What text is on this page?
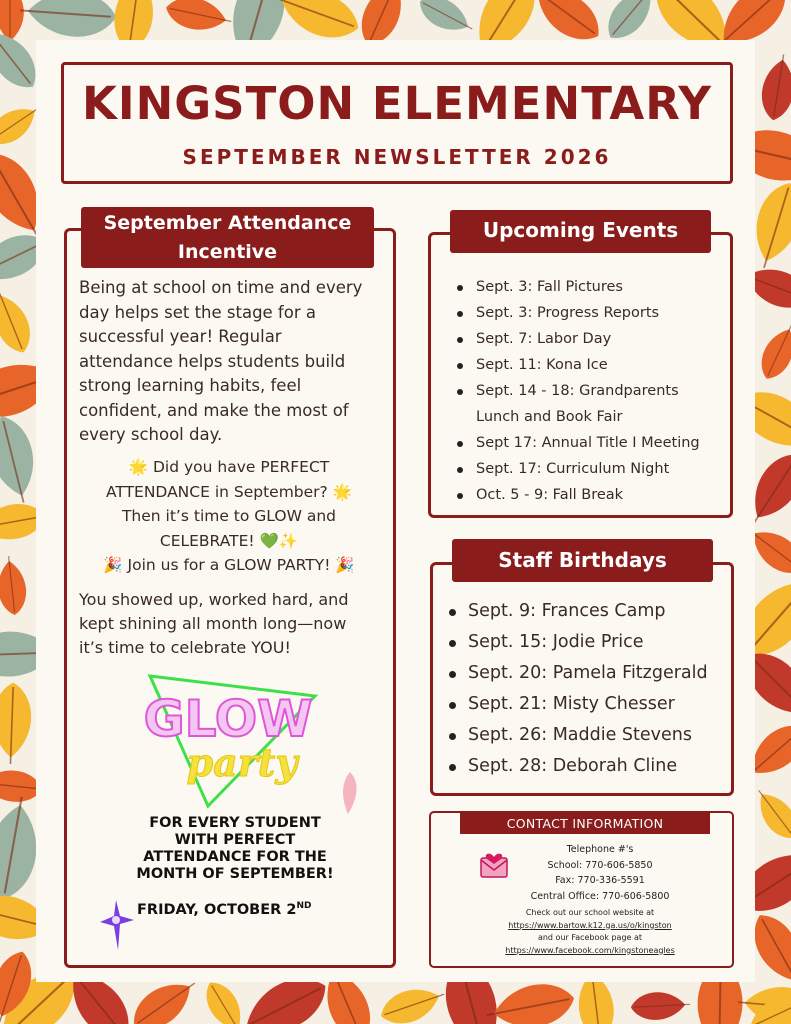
KINGSTON ELEMENTARY
SEPTEMBER NEWSLETTER 2026
September Attendance
Incentive
Being at school on time and every
day helps set the stage for a
successful year! Regular
attendance helps students build
strong learning habits, feel
confident, and make the most of
every school day.
🌟 Did you have PERFECT
ATTENDANCE in September? 🌟
Then it’s time to GLOW and
CELEBRATE! 💚✨
🎉 Join us for a GLOW PARTY! 🎉
You showed up, worked hard, and
kept shining all month long—now
it’s time to celebrate YOU!
GLOW
party
FOR EVERY STUDENT
WITH PERFECT
ATTENDANCE FOR THE
MONTH OF SEPTEMBER!
FRIDAY, OCTOBER 2ND
Upcoming Events
Sept. 3: Fall Pictures
Sept. 3: Progress Reports
Sept. 7: Labor Day
Sept. 11: Kona Ice
Sept. 14 - 18: Grandparents
Lunch and Book Fair
Sept 17: Annual Title I Meeting
Sept. 17: Curriculum Night
Oct. 5 - 9: Fall Break
Staff Birthdays
Sept. 9: Frances Camp
Sept. 15: Jodie Price
Sept. 20: Pamela Fitzgerald
Sept. 21: Misty Chesser
Sept. 26: Maddie Stevens
Sept. 28: Deborah Cline
CONTACT INFORMATION
Telephone #'s
School: 770-606-5850
Fax: 770-336-5591
Central Office: 770-606-5800
Check out our school website at
https://www.bartow.k12.ga.us/o/kingston
and our Facebook page at
https://www.facebook.com/kingstoneagles
